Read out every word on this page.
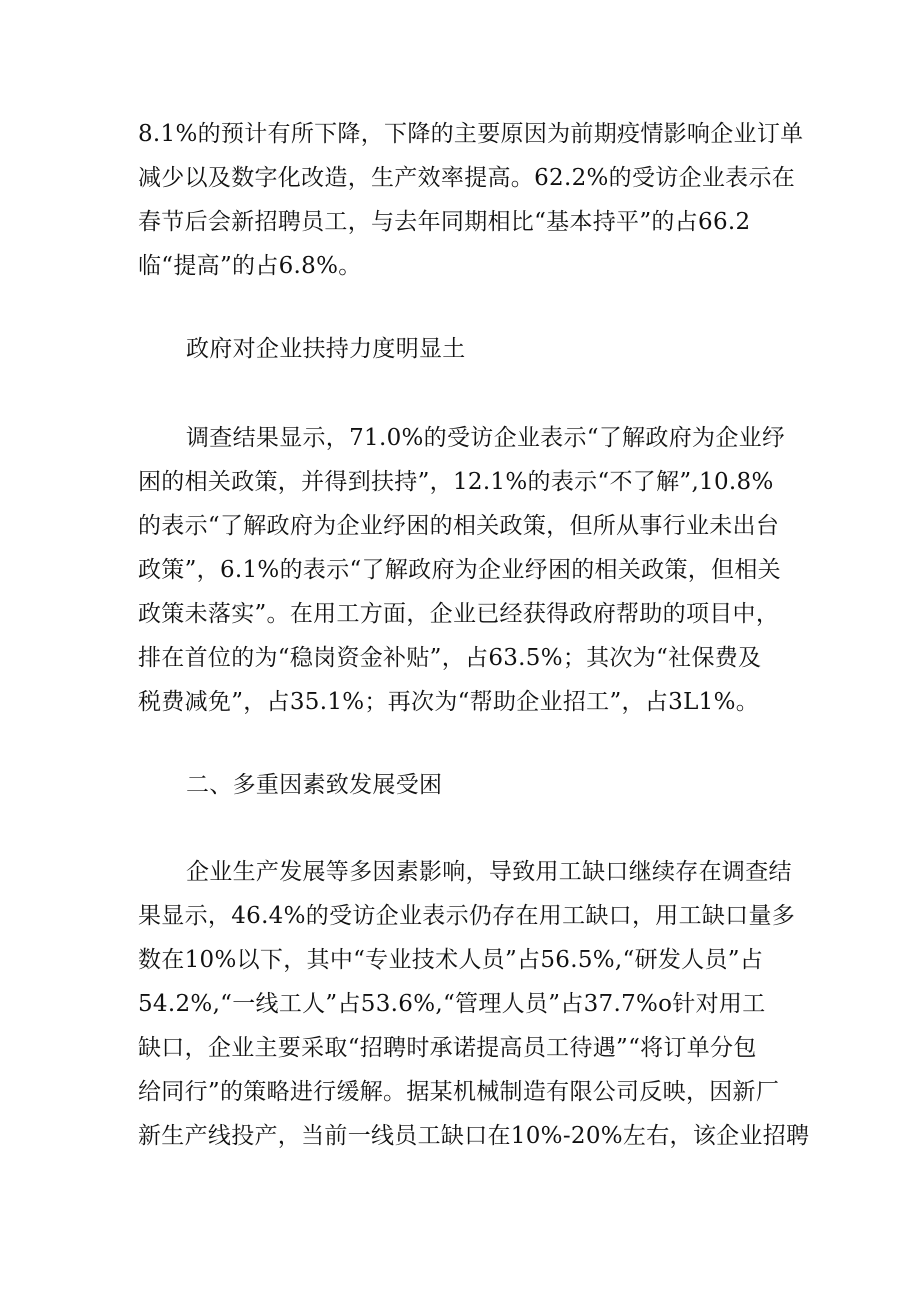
8.1%的预计有所下降，下降的主要原因为前期疫情影响企业订单
减少以及数字化改造，生产效率提高。62.2%的受访企业表示在
春节后会新招聘员工，与去年同期相比“基本持平”的占66.2
临“提高”的占6.8%。
政府对企业扶持力度明显土
调查结果显示，71.0%的受访企业表示“了解政府为企业纾
困的相关政策，并得到扶持”，12.1%的表示“不了解”,10.8%
的表示“了解政府为企业纾困的相关政策，但所从事行业未出台
政策”，6.1%的表示“了解政府为企业纾困的相关政策，但相关
政策未落实”。在用工方面，企业已经获得政府帮助的项目中，
排在首位的为“稳岗资金补贴”，占63.5%；其次为“社保费及
税费减免”，占35.1%；再次为“帮助企业招工”，占3L1%。
二、多重因素致发展受困
企业生产发展等多因素影响，导致用工缺口继续存在调查结
果显示，46.4%的受访企业表示仍存在用工缺口，用工缺口量多
数在10%以下，其中“专业技术人员”占56.5%,“研发人员”占
54.2%,“一线工人”占53.6%,“管理人员”占37.7%o针对用工
缺口，企业主要采取“招聘时承诺提高员工待遇”“将订单分包
给同行”的策略进行缓解。据某机械制造有限公司反映，因新厂
新生产线投产，当前一线员工缺口在10%-20%左右，该企业招聘
